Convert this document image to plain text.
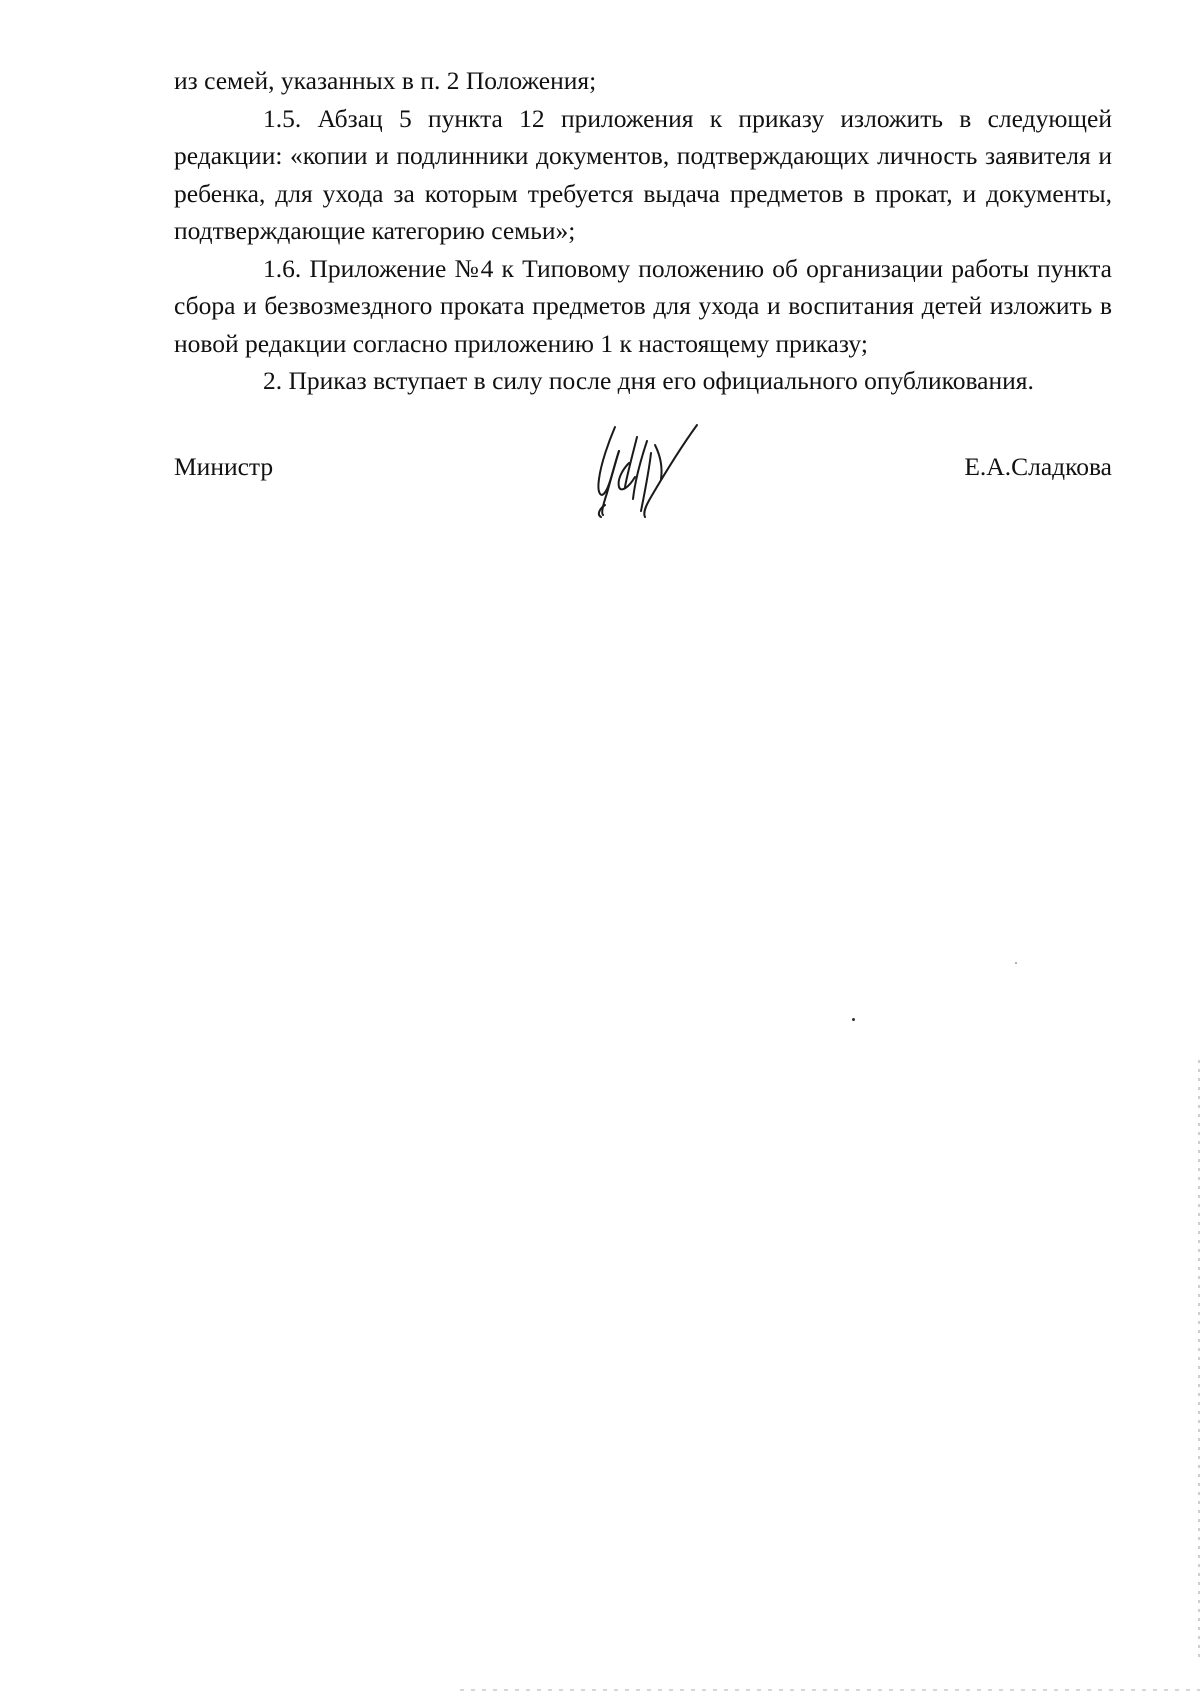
из семей, указанных в п. 2 Положения;

1.5. Абзац 5 пункта 12 приложения к приказу изложить в следующей редакции: «копии и подлинники документов, подтверждающих личность заявителя и ребенка, для ухода за которым требуется выдача предметов в прокат, и документы, подтверждающие категорию семьи»;

1.6. Приложение №4 к Типовому положению об организации работы пункта сбора и безвозмездного проката предметов для ухода и воспитания детей изложить в новой редакции согласно приложению 1 к настоящему приказу;

2. Приказ вступает в силу после дня его официального опубликования.

Министр	Е.А.Сладкова
